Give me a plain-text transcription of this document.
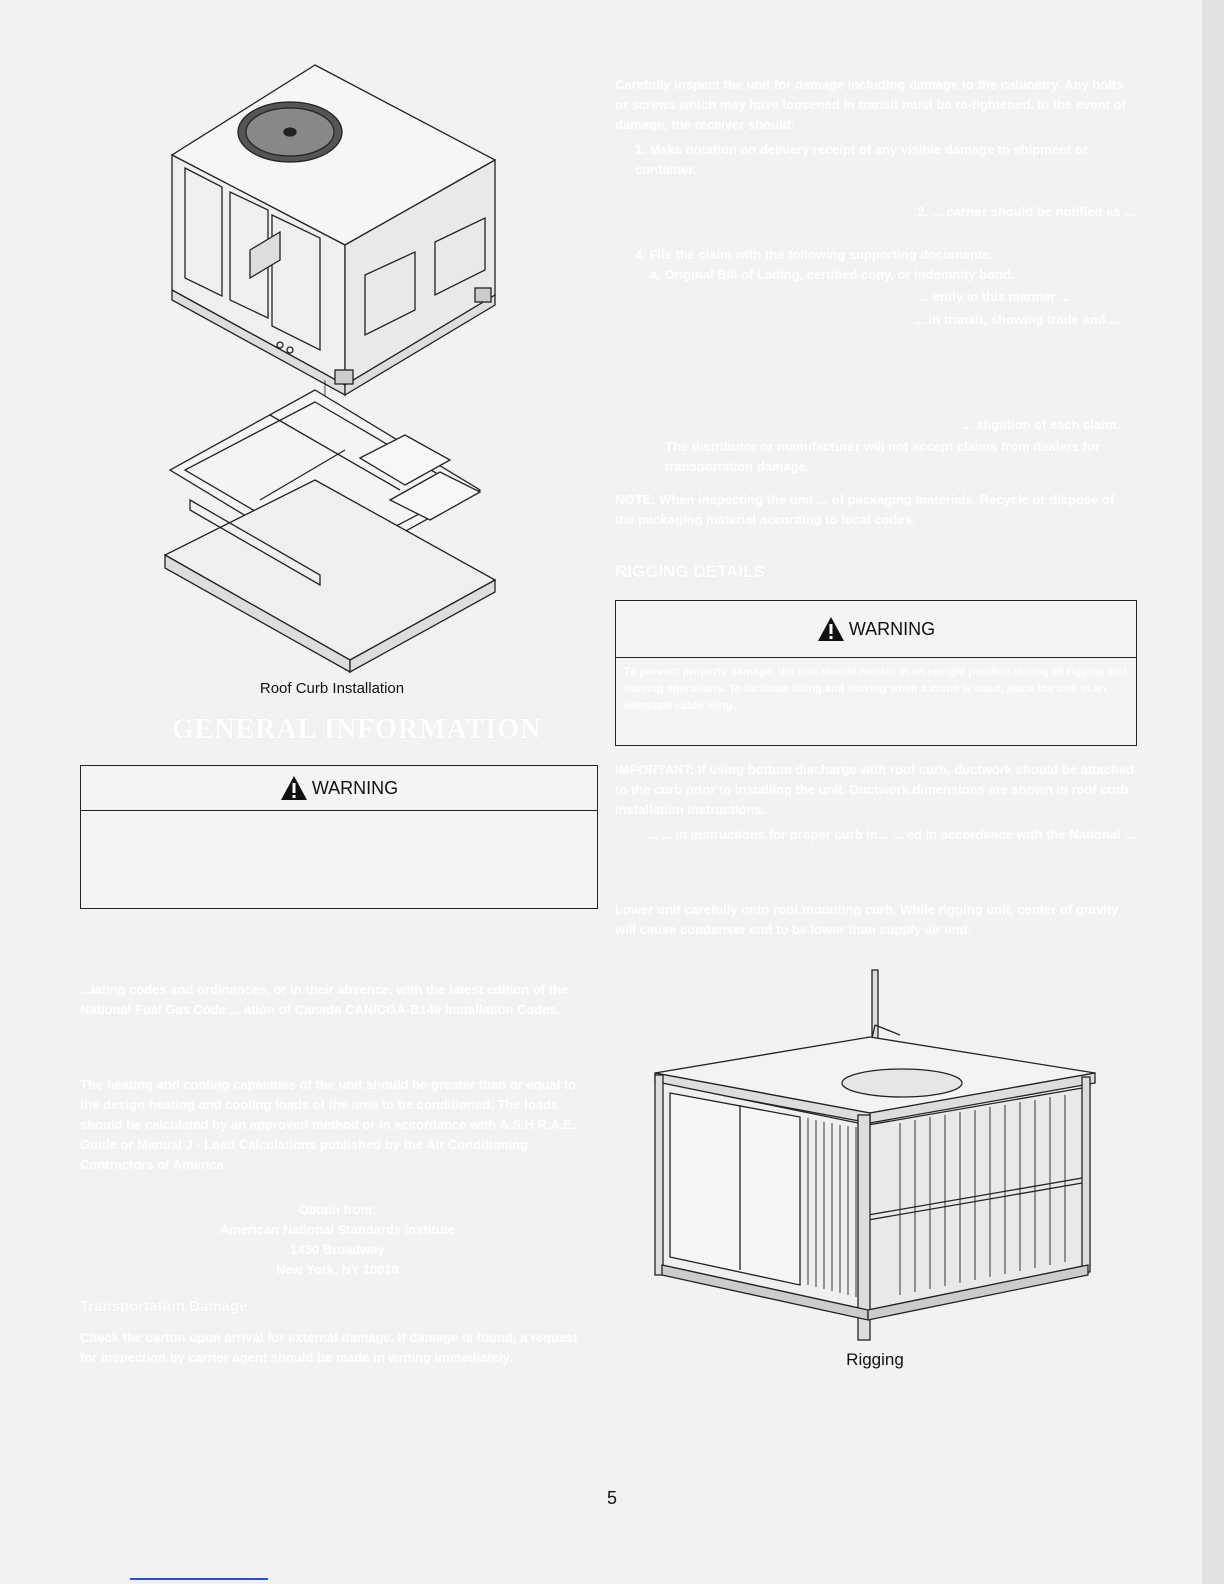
Roof Curb Installation
GENERAL INFORMATION
WARNING
...lating codes and ordinances, or in their absence, with the latest edition of the National Fuel Gas Code ... ation of Canada CAN/CGA-B149 Installation Codes.
The heating and cooling capacities of the unit should be greater than or equal to the design heating and cooling loads of the area to be conditioned. The loads should be calculated by an approved method or in accordance with A.S.H.R.A.E. Guide or Manual J - Load Calculations published by the Air Conditioning Contractors of America.
Obtain from:
American National Standards Institute
1430 Broadway
New York, NY 10018
Transportation Damage
Check the carton upon arrival for external damage. If damage is found, a request for inspection by carrier agent should be made in writing immediately.
Carefully inspect the unit for damage including damage to the cabinetry. Any bolts or screws which may have loosened in transit must be re-tightened. In the event of damage, the receiver should:
1. Make notation on delivery receipt of any visible damage to shipment or container.
2. ... carrier should be notified as ...
4. File the claim with the following supporting documents:
a. Original Bill of Lading, certified copy, or indemnity bond.
... ently in this manner ...
... in transit, showing trade and ...
... stigation of each claim.
The distributor or manufacturer will not accept claims from dealers for transportation damage.
NOTE: When inspecting the unit ... of packaging materials. Recycle or dispose of the packaging material according to local codes.
RIGGING DETAILS
WARNING
To prevent property damage, the unit should remain in an upright position during all rigging and moving operations. To facilitate lifting and moving when a crane is used, place the unit in an adequate cable sling.
IMPORTANT: If using bottom discharge with roof curb, ductwork should be attached to the curb prior to installing the unit. Ductwork dimensions are shown in roof curb installation instructions.
... ... in instructions for proper curb in... ... ed in accordance with the National ...
Lower unit carefully onto roof mounting curb. While rigging unit, center of gravity will cause condenser end to be lower than supply air end.
Rigging
5
